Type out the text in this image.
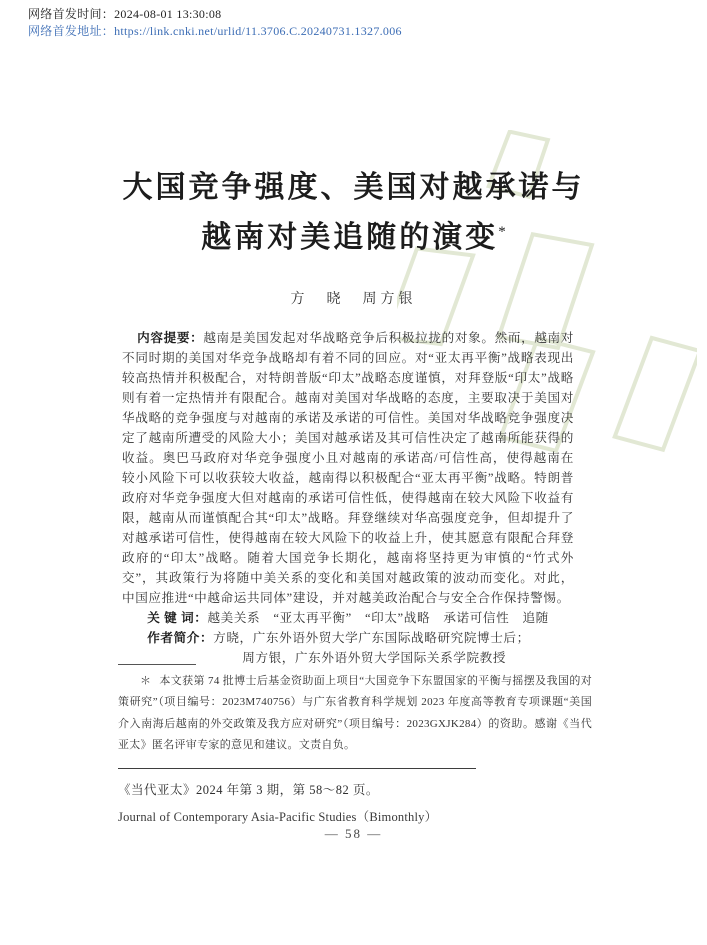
网络首发时间：2024-08-01 13:30:08
网络首发地址：https://link.cnki.net/urlid/11.3706.C.20240731.1327.006
大国竞争强度、美国对越承诺与
越南对美追随的演变*
方　晓　周方银

内容提要：越南是美国发起对华战略竞争后积极拉拢的对象。然而，越南对不同时期的美国对华竞争战略却有着不同的回应。对“亚太再平衡”战略表现出较高热情并积极配合，对特朗普版“印太”战略态度谨慎，对拜登版“印太”战略则有着一定热情并有限配合。越南对美国对华战略的态度，主要取决于美国对华战略的竞争强度与对越南的承诺及承诺的可信性。美国对华战略竞争强度决定了越南所遭受的风险大小；美国对越承诺及其可信性决定了越南所能获得的收益。奥巴马政府对华竞争强度小且对越南的承诺高/可信性高，使得越南在较小风险下可以收获较大收益，越南得以积极配合“亚太再平衡”战略。特朗普政府对华竞争强度大但对越南的承诺可信性低，使得越南在较大风险下收益有限，越南从而谨慎配合其“印太”战略。拜登继续对华高强度竞争，但却提升了对越承诺可信性，使得越南在较大风险下的收益上升，使其愿意有限配合拜登政府的“印太”战略。随着大国竞争长期化，越南将坚持更为审慎的“竹式外交”，其政策行为将随中美关系的变化和美国对越政策的波动而变化。对此，中国应推进“中越命运共同体”建设，并对越美政治配合与安全合作保持警惕。

关 键 词：越美关系　“亚太再平衡”　“印太”战略　承诺可信性　追随

作者简介：方晓，广东外语外贸大学广东国际战略研究院博士后；
周方银，广东外语外贸大学国际关系学院教授

＊ 本文获第 74 批博士后基金资助面上项目“大国竞争下东盟国家的平衡与摇摆及我国的对策研究”（项目编号：2023M740756）与广东省教育科学规划 2023 年度高等教育专项课题“美国介入南海后越南的外交政策及我方应对研究”（项目编号：2023GXJK284）的资助。感谢《当代亚太》匿名评审专家的意见和建议。文责自负。

《当代亚太》2024 年第 3 期，第 58～82 页。
Journal of Contemporary Asia-Pacific Studies（Bimonthly）
— 58 —
